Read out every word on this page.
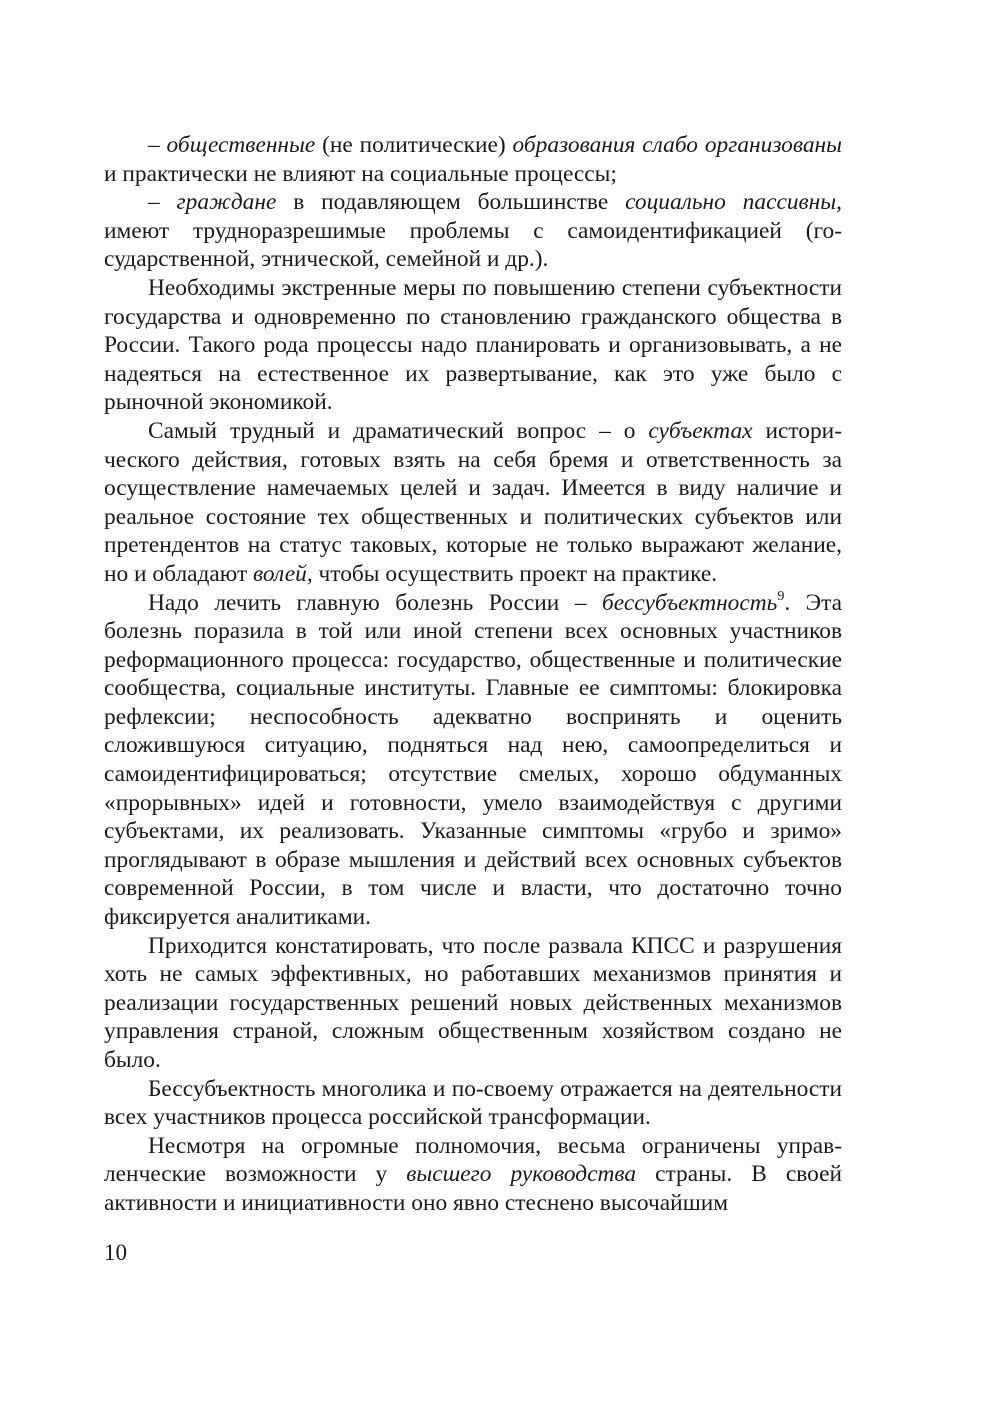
– общественные (не политические) образования слабо организованы и практически не влияют на социальные процессы;

– граждане в подавляющем большинстве социально пассивны, имеют трудноразрешимые проблемы с самоидентификацией (государственной, этнической, семейной и др.).

Необходимы экстренные меры по повышению степени субъектности государства и одновременно по становлению гражданского общества в России. Такого рода процессы надо планировать и организовывать, а не надеяться на естественное их развертывание, как это уже было с рыночной экономикой.

Самый трудный и драматический вопрос – о субъектах исторического действия, готовых взять на себя бремя и ответственность за осуществление намечаемых целей и задач. Имеется в виду наличие и реальное состояние тех общественных и политических субъектов или претендентов на статус таковых, которые не только выражают желание, но и обладают волей, чтобы осуществить проект на практике.

Надо лечить главную болезнь России – бессубъектность$^9$. Эта болезнь поразила в той или иной степени всех основных участников реформационного процесса: государство, общественные и политические сообщества, социальные институты. Главные ее симптомы: блокировка рефлексии; неспособность адекватно воспринять и оценить сложившуюся ситуацию, подняться над нею, самоопределиться и самоидентифицироваться; отсутствие смелых, хорошо обдуманных «прорывных» идей и готовности, умело взаимодействуя с другими субъектами, их реализовать. Указанные симптомы «грубо и зримо» проглядывают в образе мышления и действий всех основных субъектов современной России, в том числе и власти, что достаточно точно фиксируется аналитиками.

Приходится констатировать, что после развала КПСС и разрушения хоть не самых эффективных, но работавших механизмов принятия и реализации государственных решений новых действенных механизмов управления страной, сложным общественным хозяйством создано не было.

Бессубъектность многолика и по-своему отражается на деятельности всех участников процесса российской трансформации.

Несмотря на огромные полномочия, весьма ограничены управленческие возможности у высшего руководства страны. В своей активности и инициативности оно явно стеснено высочайшим

10
